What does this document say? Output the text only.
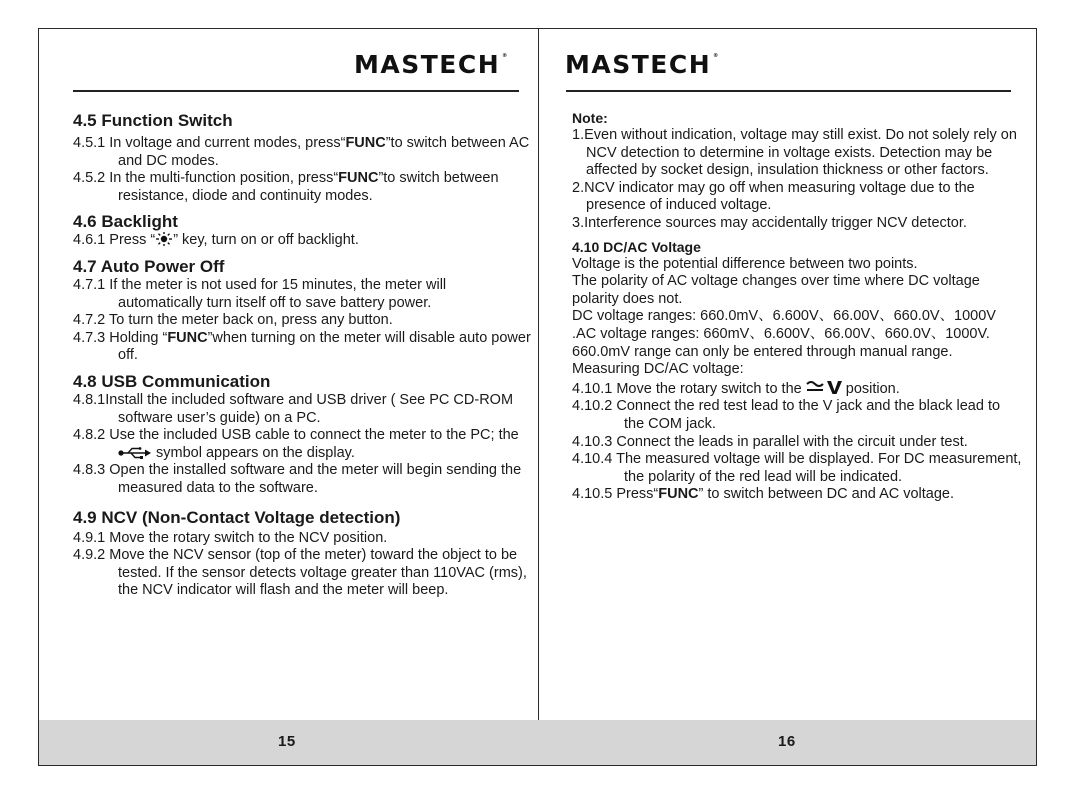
MASTECH ®
4.5 Function Switch

4.5.1 In voltage and current modes, press“FUNC”to switch between AC and DC modes.

4.5.2 In the multi-function position, press“FUNC”to switch between resistance, diode and continuity modes.

4.6 Backlight

4.6.1 Press “ ” key, turn on or off backlight.

4.7 Auto Power Off

4.7.1 If the meter is not used for 15 minutes, the meter will automatically turn itself off to save battery power.

4.7.2 To turn the meter back on, press any button.

4.7.3 Holding “FUNC”when turning on the meter will disable auto power off.

4.8 USB Communication

4.8.1Install the included software and USB driver ( See PC CD-ROM software user’s guide) on a PC.

4.8.2 Use the included USB cable to connect the meter to the PC; the  symbol appears on the display.

4.8.3 Open the installed software and the meter will begin sending the measured data to the software.

4.9 NCV (Non-Contact Voltage detection)

4.9.1 Move the rotary switch to the NCV position.

4.9.2 Move the NCV sensor (top of the meter) toward the object to be tested. If the sensor detects voltage greater than 110VAC (rms), the NCV indicator will flash and the meter will beep.

15
MASTECH ®
Note:

1.Even without indication, voltage may still exist. Do not solely rely on NCV detection to determine in voltage exists. Detection may be affected by socket design, insulation thickness or other factors.

2.NCV indicator may go off when measuring voltage due to the presence of induced voltage.

3.Interference sources may accidentally trigger NCV detector.

4.10 DC/AC Voltage

Voltage is the potential difference between two points.

The polarity of AC voltage changes over time where DC voltage polarity does not.

DC voltage ranges: 660.0mV、6.600V、66.00V、660.0V、1000V .AC voltage ranges: 660mV、6.600V、66.00V、660.0V、1000V. 660.0mV range can only be entered through manual range.

Measuring DC/AC voltage:

4.10.1 Move the rotary switch to the  position.

4.10.2 Connect the red test lead to the V jack and the black lead to the COM jack.

4.10.3 Connect the leads in parallel with the circuit under test.

4.10.4 The measured voltage will be displayed. For DC measurement, the polarity of the red lead will be indicated.

4.10.5 Press“FUNC” to switch between DC and AC voltage.

16
